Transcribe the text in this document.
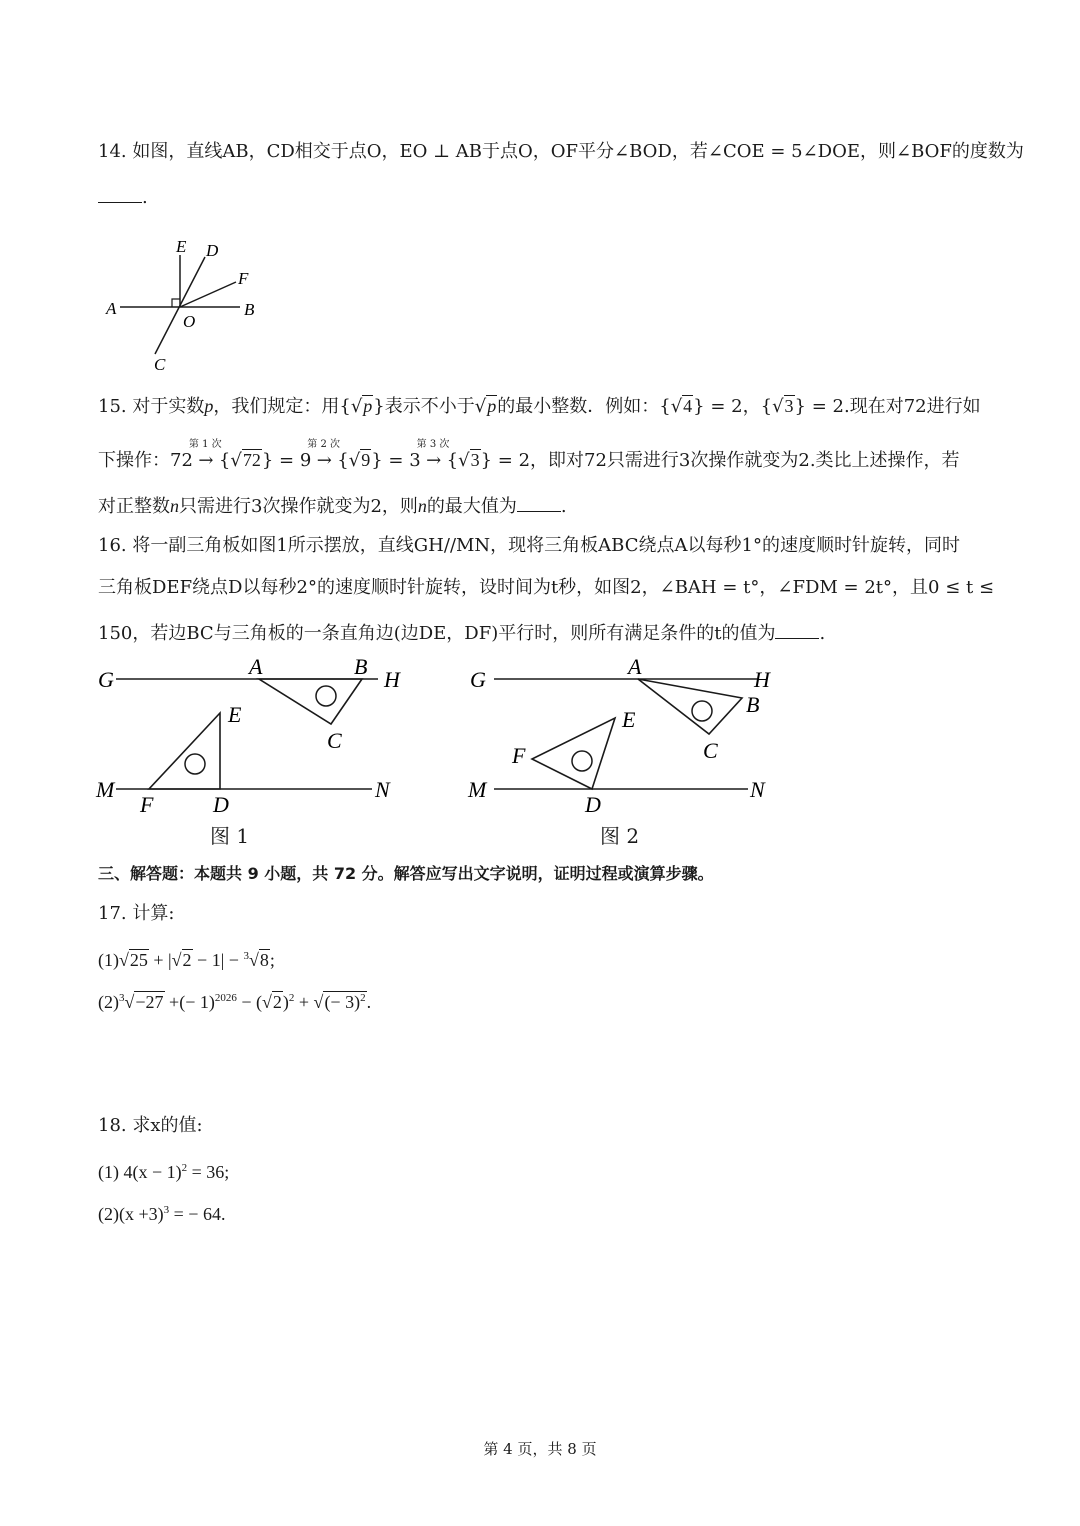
14. 如图，直线AB，CD相交于点O，EO ⊥ AB于点O，OF平分∠BOD，若∠COE = 5∠DOE，则∠BOF的度数为
.
E D
F
A
O
B
C
15. 对于实数p，我们规定：用{√p}表示不小于√p的最小整数．例如：{√4} = 2，{√3} = 2.现在对72进行如
下操作：72
第 1 次
→ {√72} = 9
第 2 次
→ {√9} = 3
第 3 次
→ {√3} = 2，即对72只需进行3次操作就变为2.类比上述操作，若
对正整数n只需进行3次操作就变为2，则n的最大值为 .
16. 将一副三角板如图1所示摆放，直线GH//MN，现将三角板ABC绕点A以每秒1°的速度顺时针旋转，同时
三角板DEF绕点D以每秒2°的速度顺时针旋转，设时间为t秒，如图2，∠BAH = t°，∠FDM = 2t°，且0 ≤ t ≤
150，若边BC与三角板的一条直角边(边DE，DF)平行时，则所有满足条件的t的值为 .
G
A	B
H
C
E
M
F	D
N
图 1
G
A
H
B
E
C
F
M
D
N
图 2
三、解答题：本题共 9 小题，共 72 分。解答应写出文字说明，证明过程或演算步骤。
17. 计算:
(1)√25 + |√2 − 1| − $^3$√8;
$(2)^3√-27$ +(− $1)^{2026} - (√2)^2$ + √(− 3)$^2$.
18. 求x的值:
(1) $4(x - 1)^2 = 36$;
$(2)(x +3)^3$ = − 64.
第 4 页，共 8 页
